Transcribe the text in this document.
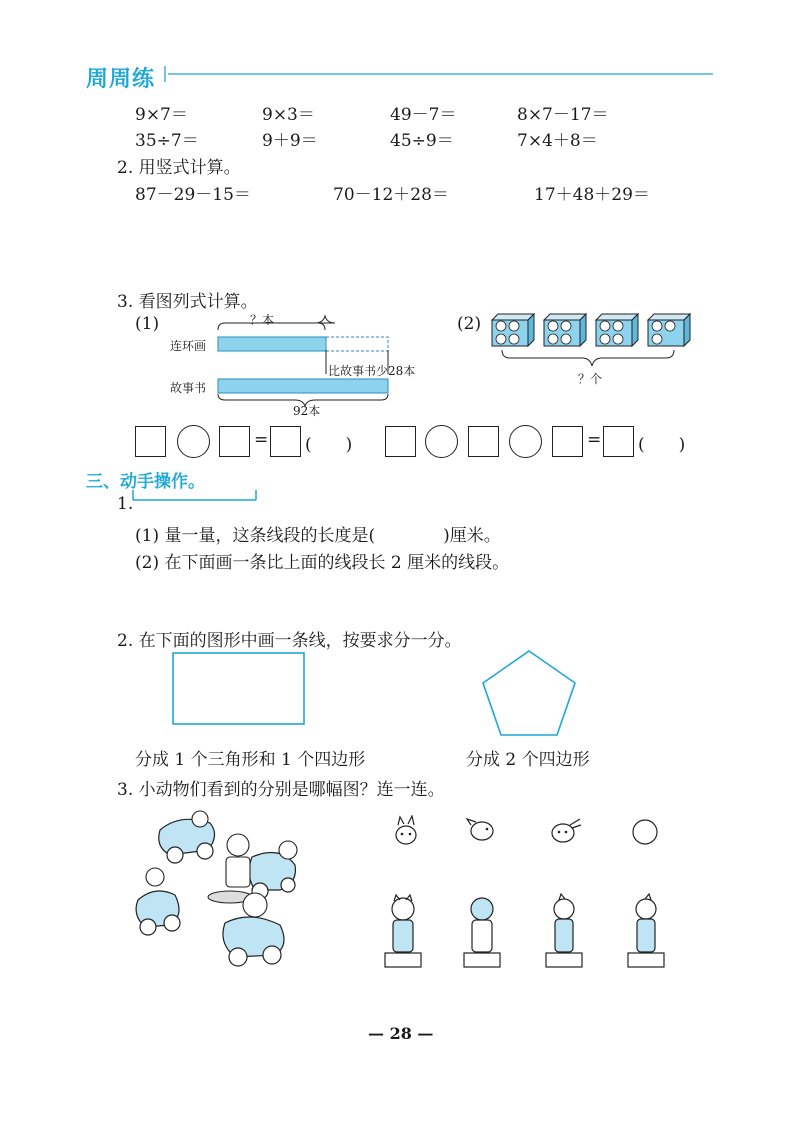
周周练
9×7＝	9×3＝	49－7＝	8×7－17＝
35÷7＝	9＋9＝	45÷9＝	7×4＋8＝
2. 用竖式计算。
87－29－15＝	70－12＋28＝	17＋48＋29＝
3. 看图列式计算。
(1)	(2)
？本
连环画
故事书
比故事书少28本
92本
？个
= (　　)	= (　　)
三、动手操作。
1.
(1) 量一量，这条线段的长度是(　　　　)厘米。
(2) 在下面画一条比上面的线段长 2 厘米的线段。
2. 在下面的图形中画一条线，按要求分一分。
分成 1 个三角形和 1 个四边形	分成 2 个四边形
3. 小动物们看到的分别是哪幅图？连一连。
— 28 —
